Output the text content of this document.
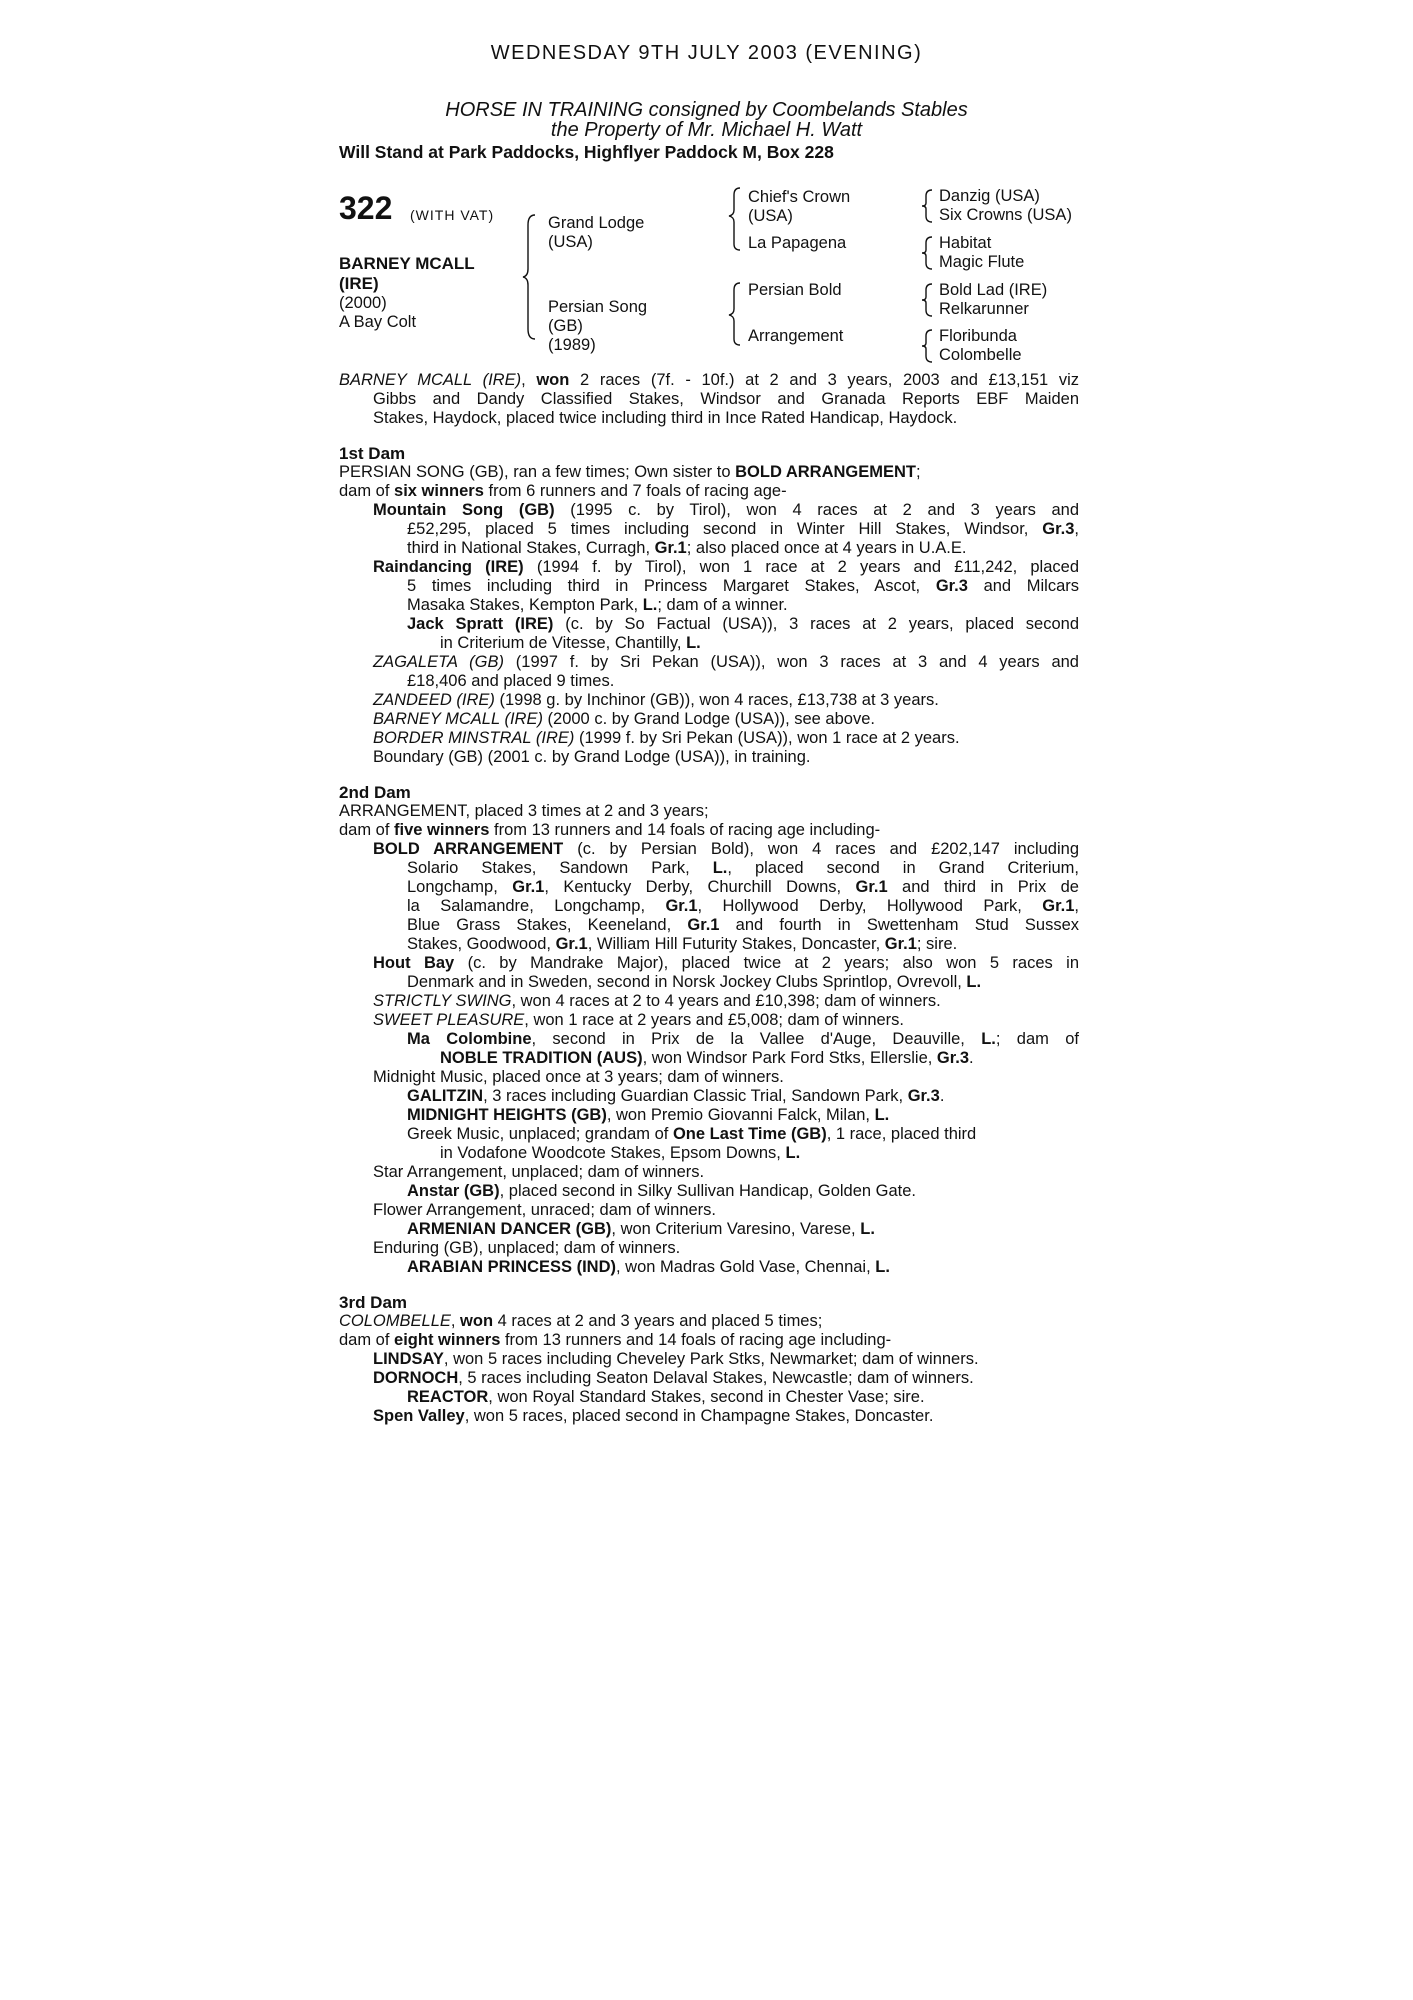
WEDNESDAY 9TH JULY 2003 (EVENING)
HORSE IN TRAINING consigned by Coombelands Stables
the Property of Mr. Michael H. Watt
Will Stand at Park Paddocks, Highflyer Paddock M, Box 228
322 (WITH VAT)
BARNEY MCALL
(IRE)
(2000)
A Bay Colt
Grand Lodge
(USA)
Persian Song
(GB)
(1989)
Chief's Crown
(USA)
La Papagena
Persian Bold
Arrangement
Danzig (USA)
Six Crowns (USA)
Habitat
Magic Flute
Bold Lad (IRE)
Relkarunner
Floribunda
Colombelle
BARNEY MCALL (IRE), won 2 races (7f. - 10f.) at 2 and 3 years, 2003 and £13,151 viz
Gibbs and Dandy Classified Stakes, Windsor and Granada Reports EBF Maiden
Stakes, Haydock, placed twice including third in Ince Rated Handicap, Haydock.
1st Dam
PERSIAN SONG (GB), ran a few times; Own sister to BOLD ARRANGEMENT;
dam of six winners from 6 runners and 7 foals of racing age-
Mountain Song (GB) (1995 c. by Tirol), won 4 races at 2 and 3 years and
£52,295, placed 5 times including second in Winter Hill Stakes, Windsor, Gr.3,
third in National Stakes, Curragh, Gr.1; also placed once at 4 years in U.A.E.
Raindancing (IRE) (1994 f. by Tirol), won 1 race at 2 years and £11,242, placed
5 times including third in Princess Margaret Stakes, Ascot, Gr.3 and Milcars
Masaka Stakes, Kempton Park, L.; dam of a winner.
Jack Spratt (IRE) (c. by So Factual (USA)), 3 races at 2 years, placed second
in Criterium de Vitesse, Chantilly, L.
ZAGALETA (GB) (1997 f. by Sri Pekan (USA)), won 3 races at 3 and 4 years and
£18,406 and placed 9 times.
ZANDEED (IRE) (1998 g. by Inchinor (GB)), won 4 races, £13,738 at 3 years.
BARNEY MCALL (IRE) (2000 c. by Grand Lodge (USA)), see above.
BORDER MINSTRAL (IRE) (1999 f. by Sri Pekan (USA)), won 1 race at 2 years.
Boundary (GB) (2001 c. by Grand Lodge (USA)), in training.
2nd Dam
ARRANGEMENT, placed 3 times at 2 and 3 years;
dam of five winners from 13 runners and 14 foals of racing age including-
BOLD ARRANGEMENT (c. by Persian Bold), won 4 races and £202,147 including
Solario Stakes, Sandown Park, L., placed second in Grand Criterium,
Longchamp, Gr.1, Kentucky Derby, Churchill Downs, Gr.1 and third in Prix de
la Salamandre, Longchamp, Gr.1, Hollywood Derby, Hollywood Park, Gr.1,
Blue Grass Stakes, Keeneland, Gr.1 and fourth in Swettenham Stud Sussex
Stakes, Goodwood, Gr.1, William Hill Futurity Stakes, Doncaster, Gr.1; sire.
Hout Bay (c. by Mandrake Major), placed twice at 2 years; also won 5 races in
Denmark and in Sweden, second in Norsk Jockey Clubs Sprintlop, Ovrevoll, L.
STRICTLY SWING, won 4 races at 2 to 4 years and £10,398; dam of winners.
SWEET PLEASURE, won 1 race at 2 years and £5,008; dam of winners.
Ma Colombine, second in Prix de la Vallee d'Auge, Deauville, L.; dam of
NOBLE TRADITION (AUS), won Windsor Park Ford Stks, Ellerslie, Gr.3.
Midnight Music, placed once at 3 years; dam of winners.
GALITZIN, 3 races including Guardian Classic Trial, Sandown Park, Gr.3.
MIDNIGHT HEIGHTS (GB), won Premio Giovanni Falck, Milan, L.
Greek Music, unplaced; grandam of One Last Time (GB), 1 race, placed third
in Vodafone Woodcote Stakes, Epsom Downs, L.
Star Arrangement, unplaced; dam of winners.
Anstar (GB), placed second in Silky Sullivan Handicap, Golden Gate.
Flower Arrangement, unraced; dam of winners.
ARMENIAN DANCER (GB), won Criterium Varesino, Varese, L.
Enduring (GB), unplaced; dam of winners.
ARABIAN PRINCESS (IND), won Madras Gold Vase, Chennai, L.
3rd Dam
COLOMBELLE, won 4 races at 2 and 3 years and placed 5 times;
dam of eight winners from 13 runners and 14 foals of racing age including-
LINDSAY, won 5 races including Cheveley Park Stks, Newmarket; dam of winners.
DORNOCH, 5 races including Seaton Delaval Stakes, Newcastle; dam of winners.
REACTOR, won Royal Standard Stakes, second in Chester Vase; sire.
Spen Valley, won 5 races, placed second in Champagne Stakes, Doncaster.
